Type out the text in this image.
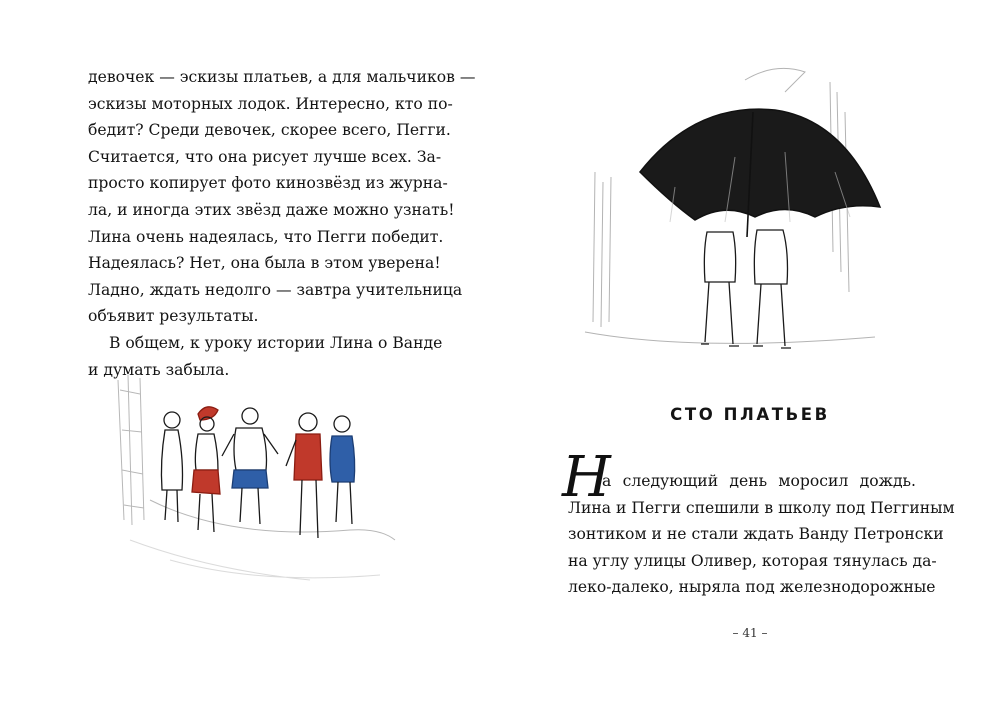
девочек — эскизы платьев, а для мальчиков —
эскизы моторных лодок. Интересно, кто по-
бедит? Среди девочек, скорее всего, Пегги.
Считается, что она рисует лучше всех. За-
просто копирует фото кинозвёзд из журна-
ла, и иногда этих звёзд даже можно узнать!
Лина очень надеялась, что Пегги победит.
Надеялась? Нет, она была в этом уверена!
Ладно, ждать недолго — завтра учительница
объявит результаты.
В общем, к уроку истории Лина о Ванде
и думать забыла.
СТО ПЛАТЬЕВ
Н
а следующий день моросил дождь.
Лина и Пегги спешили в школу под Пеггиным
зонтиком и не стали ждать Ванду Петронски
на углу улицы Оливер, которая тянулась да-
леко-далеко, ныряла под железнодорожные
– 41 –
